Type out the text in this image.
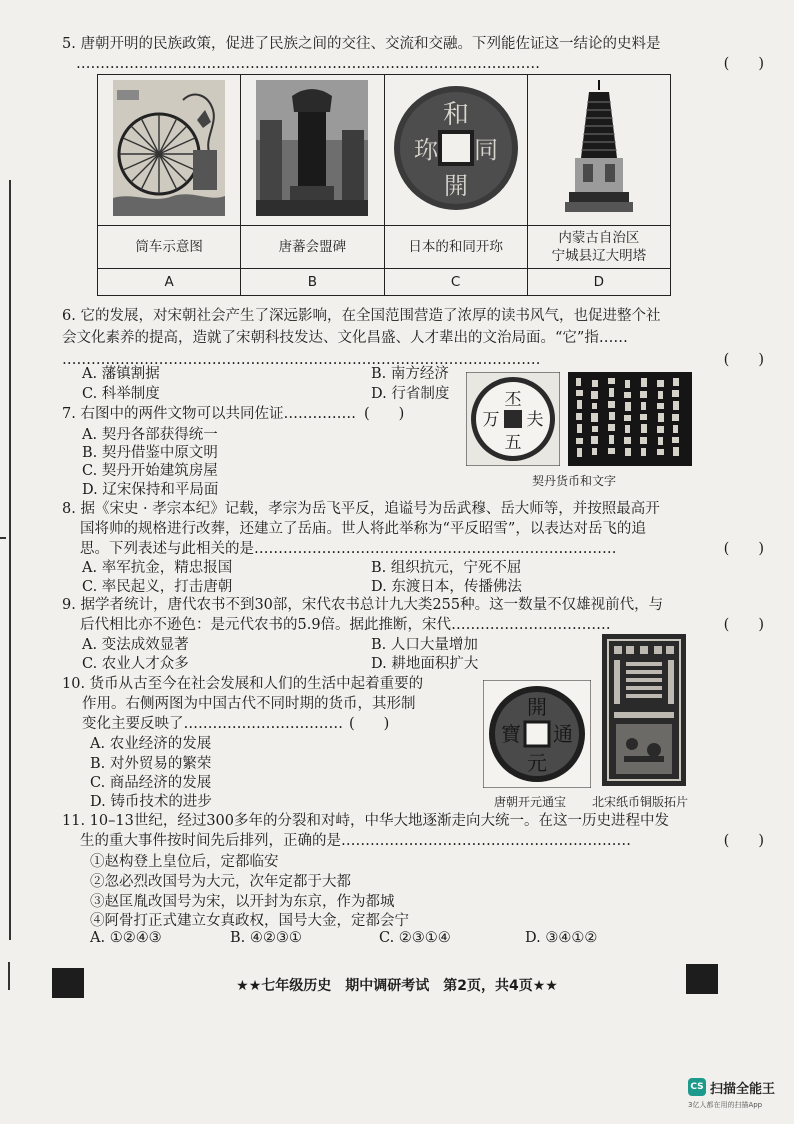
5. 唐朝开明的民族政策，促进了民族之间的交往、交流和交融。下列能佐证这一结论的史料是
……………………………………………………………………………………	(　　)

和
同
開
珎

筒车示意图	唐蕃会盟碑	日本的和同开珎	内蒙古自治区
宁城县辽大明塔

A	B	C	D
6. 它的发展，对宋朝社会产生了深远影响，在全国范围营造了浓厚的读书风气，也促进整个社
会文化素养的提高，造就了宋朝科技发达、文化昌盛、人才辈出的文治局面。“它”指……
………………………………………………………………………………………	(　　)
A. 藩镇割据	B. 南方经济
C. 科举制度	D. 行省制度
7. 右图中的两件文物可以共同佐证…………… (　　)
A. 契丹各部获得统一
B. 契丹借鉴中原文明
C. 契丹开始建筑房屋
D. 辽宋保持和平局面
丕
夫
万
五
契丹货币和文字
8. 据《宋史 · 孝宗本纪》记载，孝宗为岳飞平反，追谥号为岳武穆、岳大师等，并按照最高开
国将帅的规格进行改葬，还建立了岳庙。世人将此举称为“平反昭雪”，以表达对岳飞的追
思。下列表述与此相关的是…………………………………………………………………	(　　)
A. 率军抗金，精忠报国	B. 组织抗元，宁死不屈
C. 率民起义，打击唐朝	D. 东渡日本，传播佛法
9. 据学者统计，唐代农书不到30部，宋代农书总计九大类255种。这一数量不仅雄视前代，与
后代相比亦不逊色：是元代农书的5.9倍。据此推断，宋代……………………………	(　　)
A. 变法成效显著	B. 人口大量增加
C. 农业人才众多	D. 耕地面积扩大
10. 货币从古至今在社会发展和人们的生活中起着重要的
作用。右侧两图为中国古代不同时期的货币，其形制
变化主要反映了…………………………… (　　)
A. 农业经济的发展
B. 对外贸易的繁荣
C. 商品经济的发展
D. 铸币技术的进步
開
元
通
寶
唐朝开元通宝 北宋纸币铜版拓片
11. 10–13世纪，经过300多年的分裂和对峙，中华大地逐渐走向大统一。在这一历史进程中发
生的重大事件按时间先后排列，正确的是……………………………………………………	(　　)
①赵构登上皇位后，定都临安
②忽必烈改国号为大元，次年定都于大都
③赵匡胤改国号为宋，以开封为东京，作为都城
④阿骨打正式建立女真政权，国号大金，定都会宁
A. ①②④③	B. ④②③①	C. ②③①④	D. ③④①②
★★七年级历史　期中调研考试　第2页，共4页★★
CS 扫描全能王
3亿人都在用的扫描App
